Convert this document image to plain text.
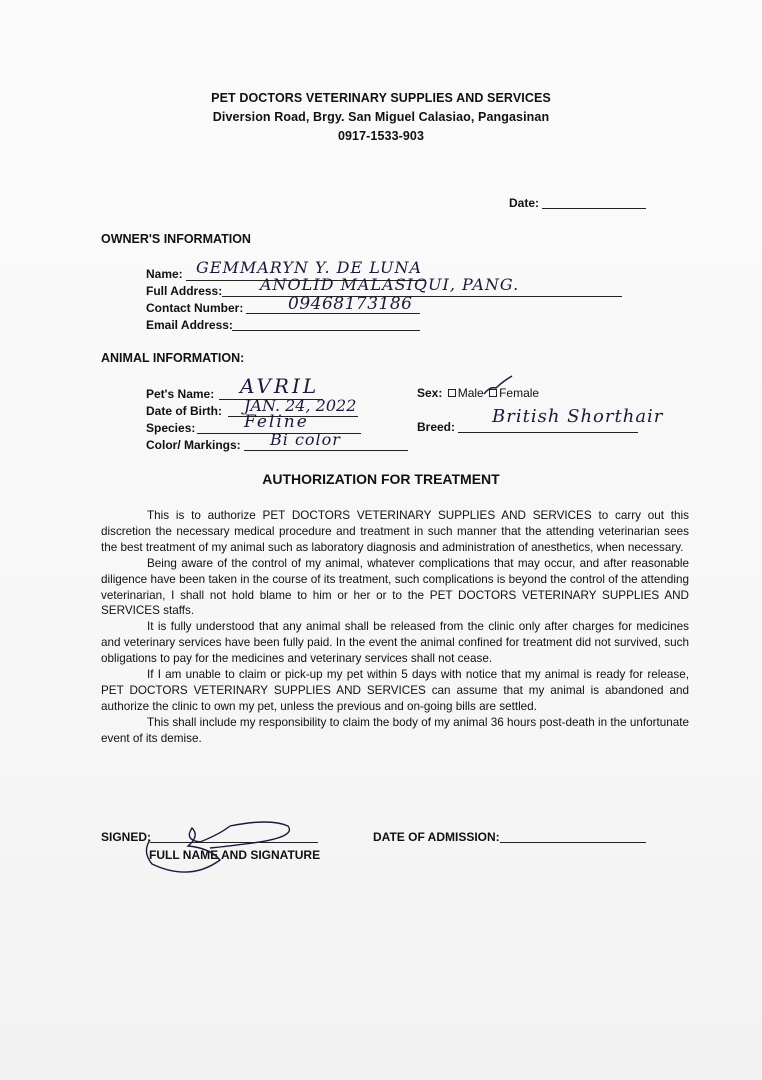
PET DOCTORS VETERINARY SUPPLIES AND SERVICES
Diversion Road, Brgy. San Miguel Calasiao, Pangasinan
0917-1533-903
Date:
OWNER'S INFORMATION
Name: GEMMARYN Y. DE LUNA
Full Address: ANOLID MALASIQUI, PANG.
Contact Number:	09468173186
Email Address:
ANIMAL INFORMATION:
Pet's Name: AVRIL
Date of Birth: JAN. 24, 2022
Species:	Feline
Color/ Markings: Bi color
Sex: Male Female
Breed: British Shorthair
AUTHORIZATION FOR TREATMENT

This is to authorize PET DOCTORS VETERINARY SUPPLIES AND SERVICES to carry out this discretion the necessary medical procedure and treatment in such manner that the attending veterinarian sees the best treatment of my animal such as laboratory diagnosis and administration of anesthetics, when necessary.

Being aware of the control of my animal, whatever complications that may occur, and after reasonable diligence have been taken in the course of its treatment, such complications is beyond the control of the attending veterinarian, I shall not hold blame to him or her or to the PET DOCTORS VETERINARY SUPPLIES AND SERVICES staffs.

It is fully understood that any animal shall be released from the clinic only after charges for medicines and veterinary services have been fully paid. In the event the animal confined for treatment did not survived, such obligations to pay for the medicines and veterinary services shall not cease.

If I am unable to claim or pick-up my pet within 5 days with notice that my animal is ready for release, PET DOCTORS VETERINARY SUPPLIES AND SERVICES can assume that my animal is abandoned and authorize the clinic to own my pet, unless the previous and on-going bills are settled.

This shall include my responsibility to claim the body of my animal 36 hours post-death in the unfortunate event of its demise.

SIGNED:
FULL NAME AND SIGNATURE
DATE OF ADMISSION:
